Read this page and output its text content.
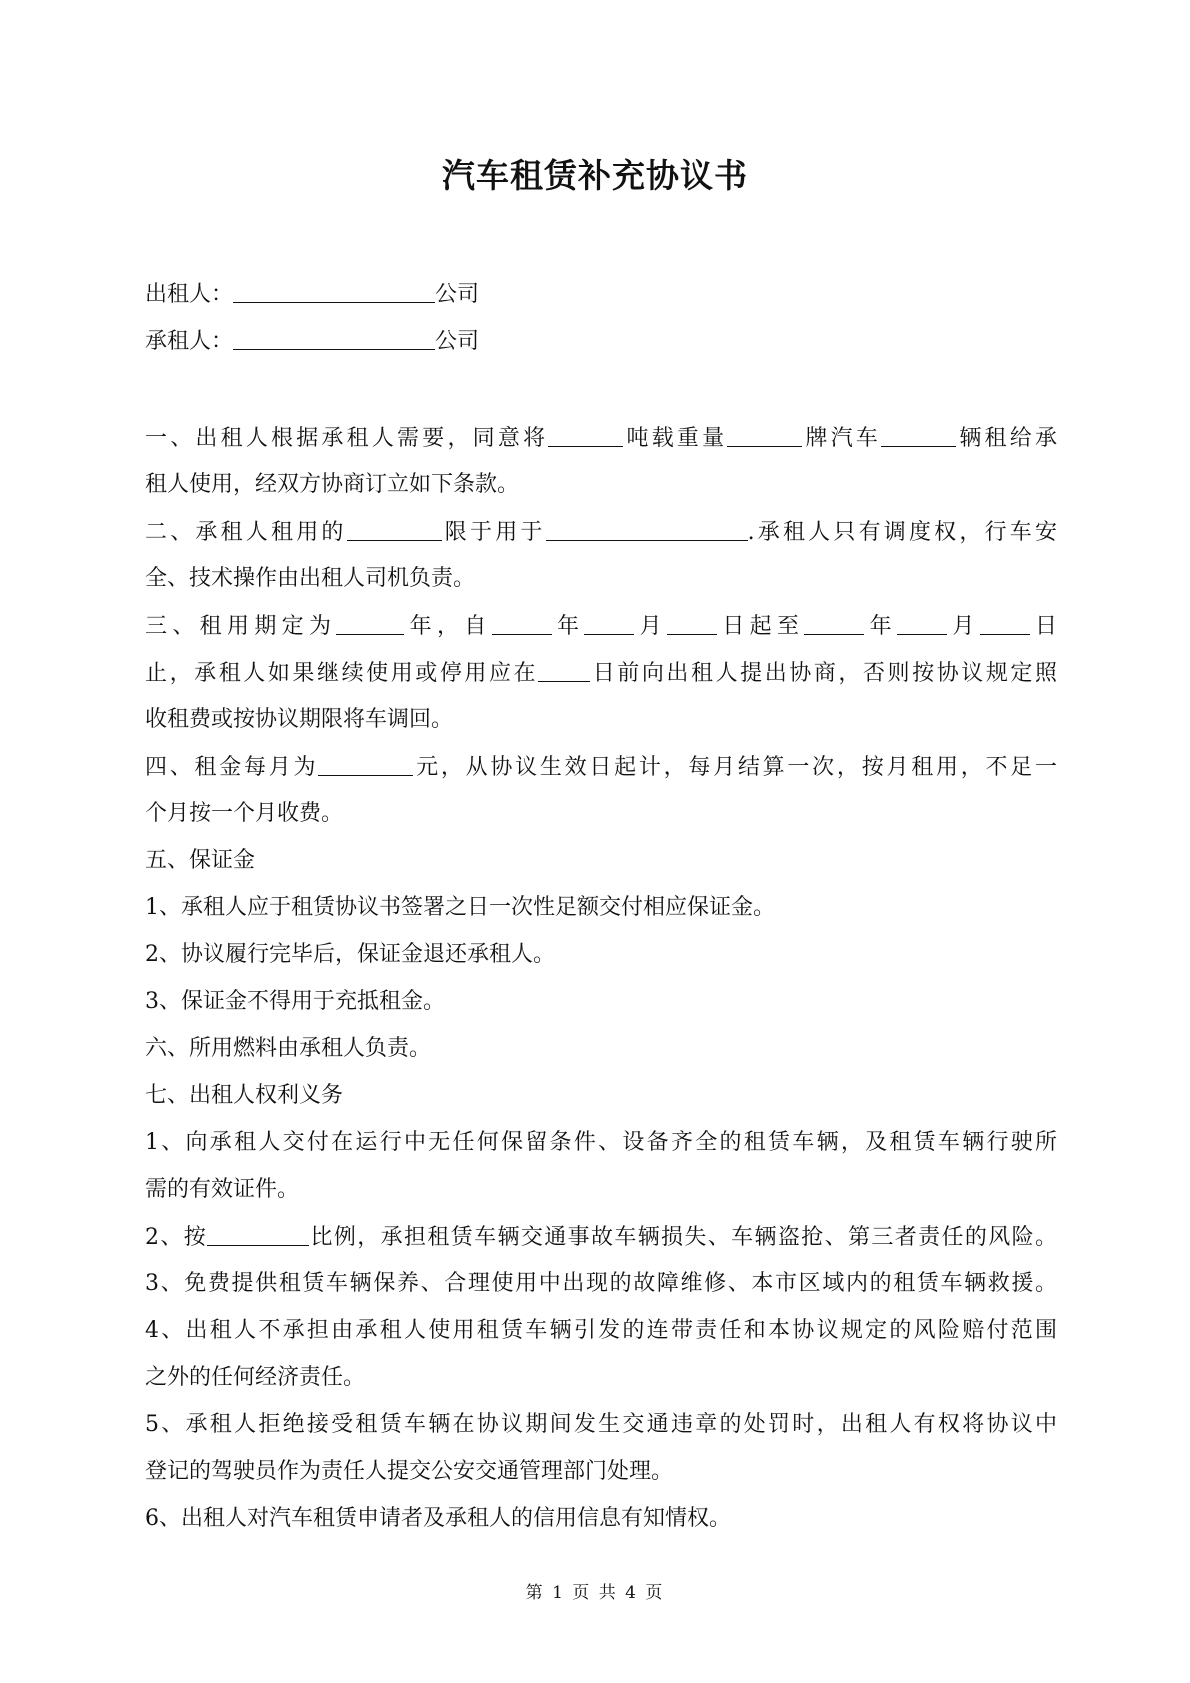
汽车租赁补充协议书
出租人：	公司
承租人：	公司
一、出租人根据承租人需要，同意将	吨载重量	牌汽车	辆租给承
租人使用，经双方协商订立如下条款。
二、承租人租用的	限于用于	.承租人只有调度权，行车安
全、技术操作由出租人司机负责。
三、租用期定为	年，自	年 月 日起至	年 月 日
止，承租人如果继续使用或停用应在 日前向出租人提出协商，否则按协议规定照
收租费或按协议期限将车调回。
四、租金每月为	元，从协议生效日起计，每月结算一次，按月租用，不足一
个月按一个月收费。
五、保证金
1、承租人应于租赁协议书签署之日一次性足额交付相应保证金。
2、协议履行完毕后，保证金退还承租人。
3、保证金不得用于充抵租金。
六、所用燃料由承租人负责。
七、出租人权利义务
1、向承租人交付在运行中无任何保留条件、设备齐全的租赁车辆，及租赁车辆行驶所
需的有效证件。
2、按	比例，承担租赁车辆交通事故车辆损失、车辆盗抢、第三者责任的风险。
3、免费提供租赁车辆保养、合理使用中出现的故障维修、本市区域内的租赁车辆救援。
4、出租人不承担由承租人使用租赁车辆引发的连带责任和本协议规定的风险赔付范围
之外的任何经济责任。
5、承租人拒绝接受租赁车辆在协议期间发生交通违章的处罚时，出租人有权将协议中
登记的驾驶员作为责任人提交公安交通管理部门处理。
6、出租人对汽车租赁申请者及承租人的信用信息有知情权。
第 1 页 共 4 页
